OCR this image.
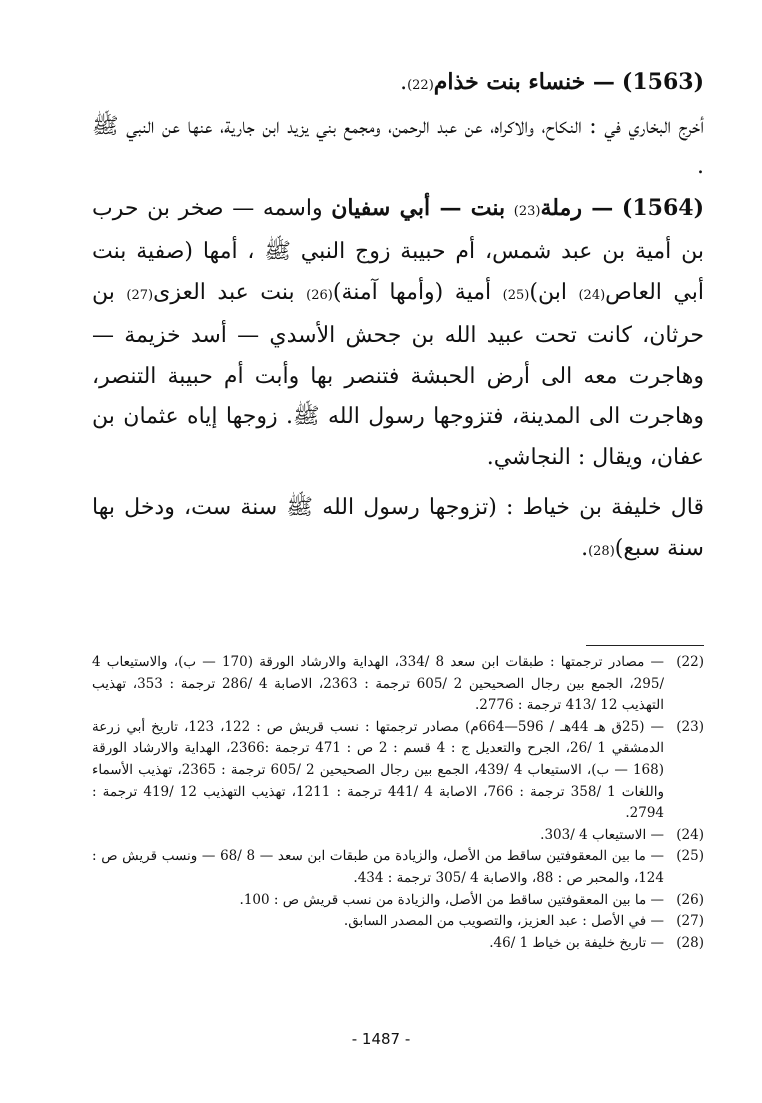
(1563) — خنساء بنت خذام(22).

أخرج البخاري في : النكاح، والاكراه، عن عبد الرحمن، ومجمع بني يزيد ابن جارية، عنها عن النبي ﷺ .

(1564) — رملة(23) بنت — أبي سفيان واسمه — صخر بن حرب بن أمية بن عبد شمس، أم حبيبة زوج النبي ﷺ ، أمها (صفية بنت أبي العاص(24) ابن)(25) أمية (وأمها آمنة)(26) بنت عبد العزى(27) بن حرثان، كانت تحت عبيد الله بن جحش الأسدي — أسد خزيمة — وهاجرت معه الى أرض الحبشة فتنصر بها وأبت أم حبيبة التنصر، وهاجرت الى المدينة، فتزوجها رسول الله ﷺ. زوجها إياه عثمان بن عفان، ويقال : النجاشي.

قال خليفة بن خياط : (تزوجها رسول الله ﷺ سنة ست، ودخل بها سنة سبع)(28).

(22)
— مصادر ترجمتها : طبقات ابن سعد 8 /334، الهداية والارشاد الورقة (170 — ب)، والاستيعاب 4 /295، الجمع بين رجال الصحيحين 2 /605 ترجمة : 2363، الاصابة 4 /286 ترجمة : 353، تهذيب التهذيب 12 /413 ترجمة : 2776.
(23)
— (25ق هـ 44هـ / 596—664م) مصادر ترجمتها : نسب قريش ص : 122، 123، تاريخ أبي زرعة الدمشقي 1 /26، الجرح والتعديل ج : 4 قسم : 2 ص : 471 ترجمة :2366، الهداية والارشاد الورقة (168 — ب)، الاستيعاب 4 /439، الجمع بين رجال الصحيحين 2 /605 ترجمة : 2365، تهذيب الأسماء واللغات 1 /358 ترجمة : 766، الاصابة 4 /441 ترجمة : 1211، تهذيب التهذيب 12 /419 ترجمة : 2794.
(24)
— الاستيعاب 4 /303.
(25)
— ما بين المعقوفتين ساقط من الأصل، والزيادة من طبقات ابن سعد — 8 /68 — ونسب قريش ص : 124، والمحبر ص : 88، والاصابة 4 /305 ترجمة : 434.
(26)
— ما بين المعقوفتين ساقط من الأصل، والزيادة من نسب قريش ص : 100.
(27)
— في الأصل : عبد العزيز، والتصويب من المصدر السابق.
(28)
— تاريخ خليفة بن خياط 1 /46.
- 1487 -
